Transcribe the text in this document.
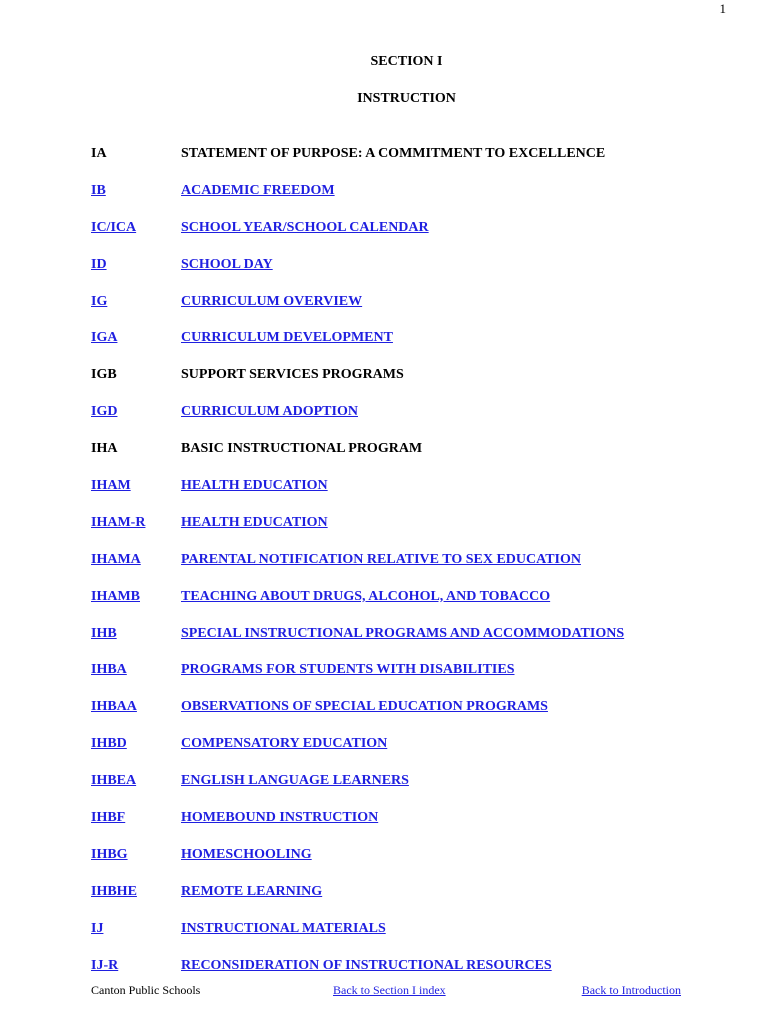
1
SECTION I
INSTRUCTION
IA	STATEMENT OF PURPOSE: A COMMITMENT TO EXCELLENCE
IB	ACADEMIC FREEDOM
IC/ICA	SCHOOL YEAR/SCHOOL CALENDAR
ID	SCHOOL DAY
IG	CURRICULUM OVERVIEW
IGA	CURRICULUM DEVELOPMENT
IGB	SUPPORT SERVICES PROGRAMS
IGD	CURRICULUM ADOPTION
IHA	BASIC INSTRUCTIONAL PROGRAM
IHAM	HEALTH EDUCATION
IHAM-R	HEALTH EDUCATION
IHAMA	PARENTAL NOTIFICATION RELATIVE TO SEX EDUCATION
IHAMB	TEACHING ABOUT DRUGS, ALCOHOL, AND TOBACCO
IHB	SPECIAL INSTRUCTIONAL PROGRAMS AND ACCOMMODATIONS
IHBA	PROGRAMS FOR STUDENTS WITH DISABILITIES
IHBAA	OBSERVATIONS OF SPECIAL EDUCATION PROGRAMS
IHBD	COMPENSATORY EDUCATION
IHBEA	ENGLISH LANGUAGE LEARNERS
IHBF	HOMEBOUND INSTRUCTION
IHBG	HOMESCHOOLING
IHBHE	REMOTE LEARNING
IJ	INSTRUCTIONAL MATERIALS
IJ-R	RECONSIDERATION OF INSTRUCTIONAL RESOURCES
Canton Public Schools	Back to Section I index	Back to Introduction
